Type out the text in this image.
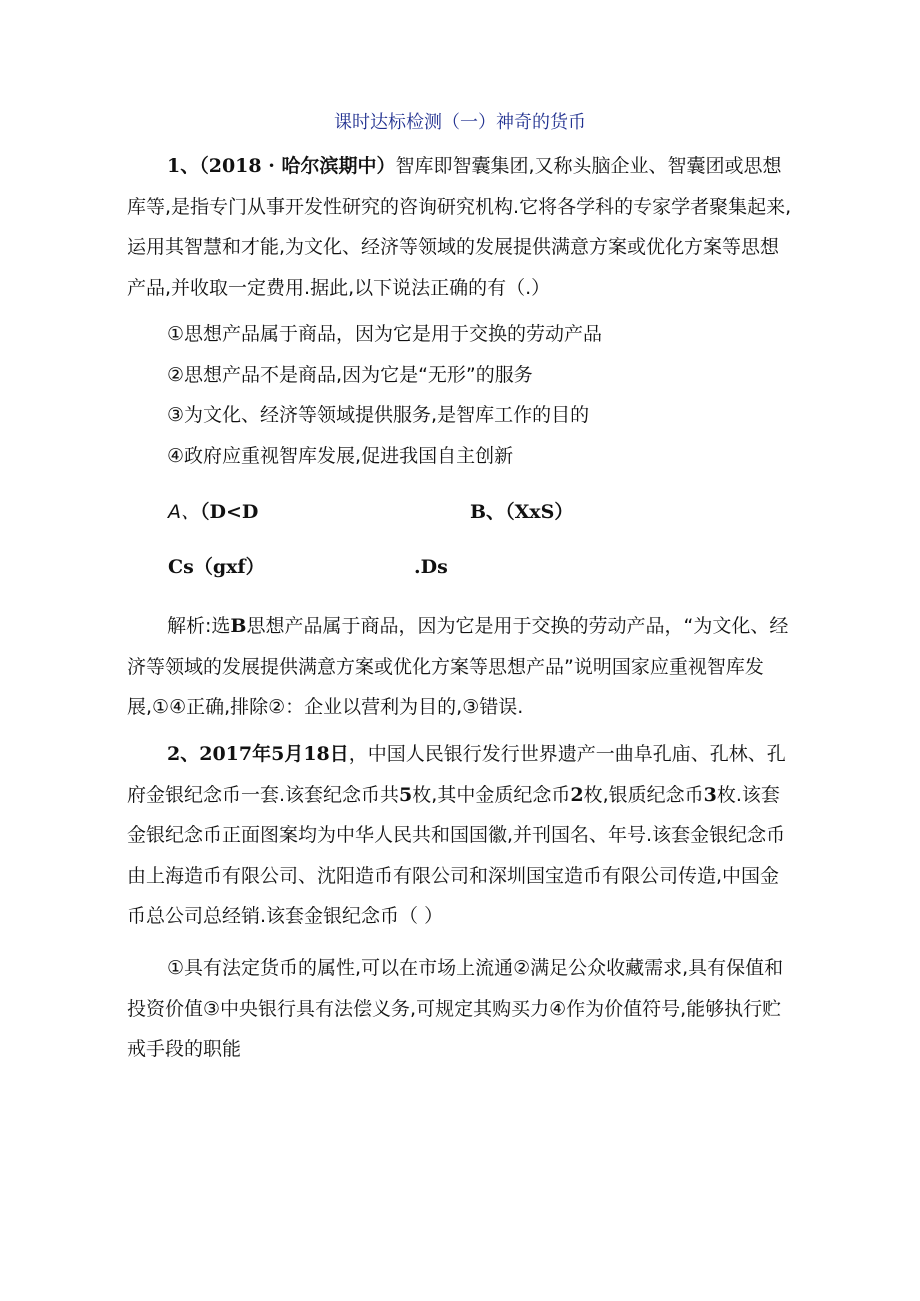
课时达标检测（一）神奇的货币
1、（2018 · 哈尔滨期中）智库即智囊集团,又称头脑企业、智囊团或思想库等,是指专门从事开发性研究的咨询研究机构.它将各学科的专家学者聚集起来,运用其智慧和才能,为文化、经济等领域的发展提供满意方案或优化方案等思想产品,并收取一定费用.据此,以下说法正确的有（.）
①思想产品属于商品，因为它是用于交换的劳动产品
②思想产品不是商品,因为它是“无形”的服务
③为文化、经济等领域提供服务,是智库工作的目的
④政府应重视智库发展,促进我国自主创新
A、（D<D	B、（XxS）
Cs（gxf）	.Ds
解析:选B思想产品属于商品，因为它是用于交换的劳动产品，“为文化、经济等领域的发展提供满意方案或优化方案等思想产品”说明国家应重视智库发展,①④正确,排除②：企业以营利为目的,③错误.
2、2017年5月18日，中国人民银行发行世界遗产一曲阜孔庙、孔林、孔府金银纪念币一套.该套纪念币共5枚,其中金质纪念币2枚,银质纪念币3枚.该套金银纪念币正面图案均为中华人民共和国国徽,并刊国名、年号.该套金银纪念币由上海造币有限公司、沈阳造币有限公司和深圳国宝造币有限公司传造,中国金币总公司总经销.该套金银纪念币（ ）
①具有法定货币的属性,可以在市场上流通②满足公众收藏需求,具有保值和投资价值③中央银行具有法偿义务,可规定其购买力④作为价值符号,能够执行贮戒手段的职能
